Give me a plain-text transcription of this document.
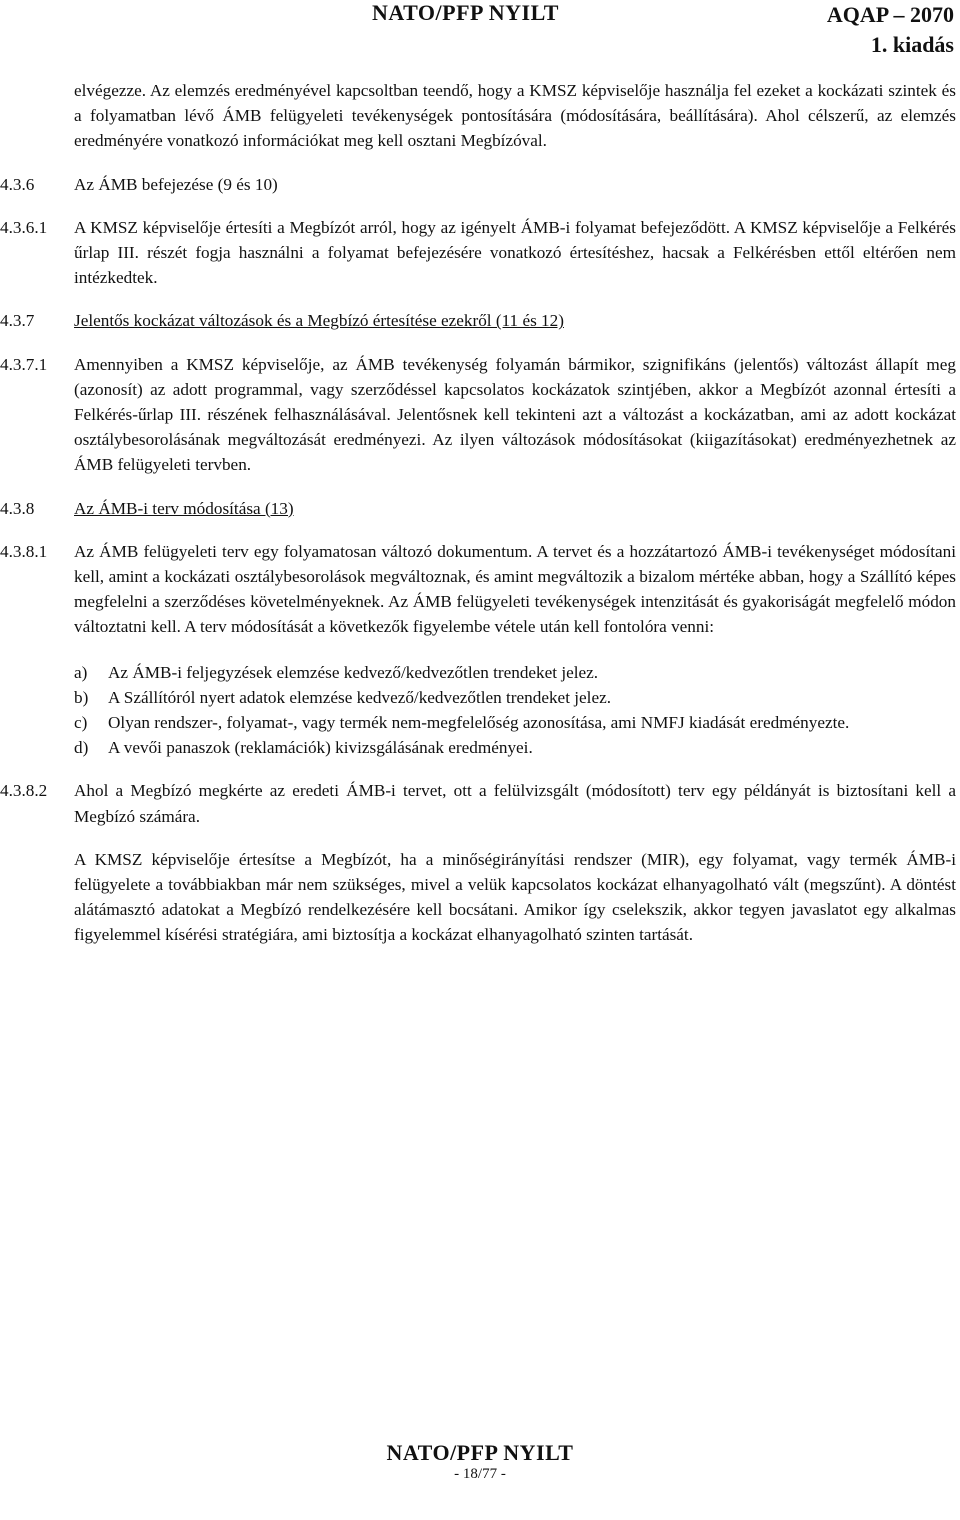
NATO/PFP NYILT	AQAP – 2070
1. kiadás

elvégezze. Az elemzés eredményével kapcsoltban teendő, hogy a KMSZ képviselője használja fel ezeket a kockázati szintek és a folyamatban lévő ÁMB felügyeleti tevékenységek pontosítására (módosítására, beállítására). Ahol célszerű, az elemzés eredményére vonatkozó információkat meg kell osztani Megbízóval.

4.3.6 Az ÁMB befejezése (9 és 10)
4.3.6.1 A KMSZ képviselője értesíti a Megbízót arról, hogy az igényelt ÁMB-i folyamat befejeződött. A KMSZ képviselője a Felkérés űrlap III. részét fogja használni a folyamat befejezésére vonatkozó értesítéshez, hacsak a Felkérésben ettől eltérően nem intézkedtek.

4.3.7 Jelentős kockázat változások és a Megbízó értesítése ezekről (11 és 12)
4.3.7.1 Amennyiben a KMSZ képviselője, az ÁMB tevékenység folyamán bármikor, szignifikáns (jelentős) változást állapít meg (azonosít) az adott programmal, vagy szerződéssel kapcsolatos kockázatok szintjében, akkor a Megbízót azonnal értesíti a Felkérés-űrlap III. részének felhasználásával. Jelentősnek kell tekinteni azt a változást a kockázatban, ami az adott kockázat osztálybesorolásának megváltozását eredményezi. Az ilyen változások módosításokat (kiigazításokat) eredményezhetnek az ÁMB felügyeleti tervben.

4.3.8 Az ÁMB-i terv módosítása (13)
4.3.8.1 Az ÁMB felügyeleti terv egy folyamatosan változó dokumentum. A tervet és a hozzátartozó ÁMB-i tevékenységet módosítani kell, amint a kockázati osztálybesorolások megváltoznak, és amint megváltozik a bizalom mértéke abban, hogy a Szállító képes megfelelni a szerződéses követelményeknek. Az ÁMB felügyeleti tevékenységek intenzitását és gyakoriságát megfelelő módon változtatni kell. A terv módosítását a következők figyelembe vétele után kell fontolóra venni:

a) Az ÁMB-i feljegyzések elemzése kedvező/kedvezőtlen trendeket jelez.
b) A Szállítóról nyert adatok elemzése kedvező/kedvezőtlen trendeket jelez.
c) Olyan rendszer-, folyamat-, vagy termék nem-megfelelőség azonosítása, ami NMFJ kiadását eredményezte.
d) A vevői panaszok (reklamációk) kivizsgálásának eredményei.
4.3.8.2 Ahol a Megbízó megkérte az eredeti ÁMB-i tervet, ott a felülvizsgált (módosított) terv egy példányát is biztosítani kell a Megbízó számára.

A KMSZ képviselője értesítse a Megbízót, ha a minőségirányítási rendszer (MIR), egy folyamat, vagy termék ÁMB-i felügyelete a továbbiakban már nem szükséges, mivel a velük kapcsolatos kockázat elhanyagolható vált (megszűnt). A döntést alátámasztó adatokat a Megbízó rendelkezésére kell bocsátani. Amikor így cselekszik, akkor tegyen javaslatot egy alkalmas figyelemmel kísérési stratégiára, ami biztosítja a kockázat elhanyagolható szinten tartását.

NATO/PFP NYILT
- 18/77 -
